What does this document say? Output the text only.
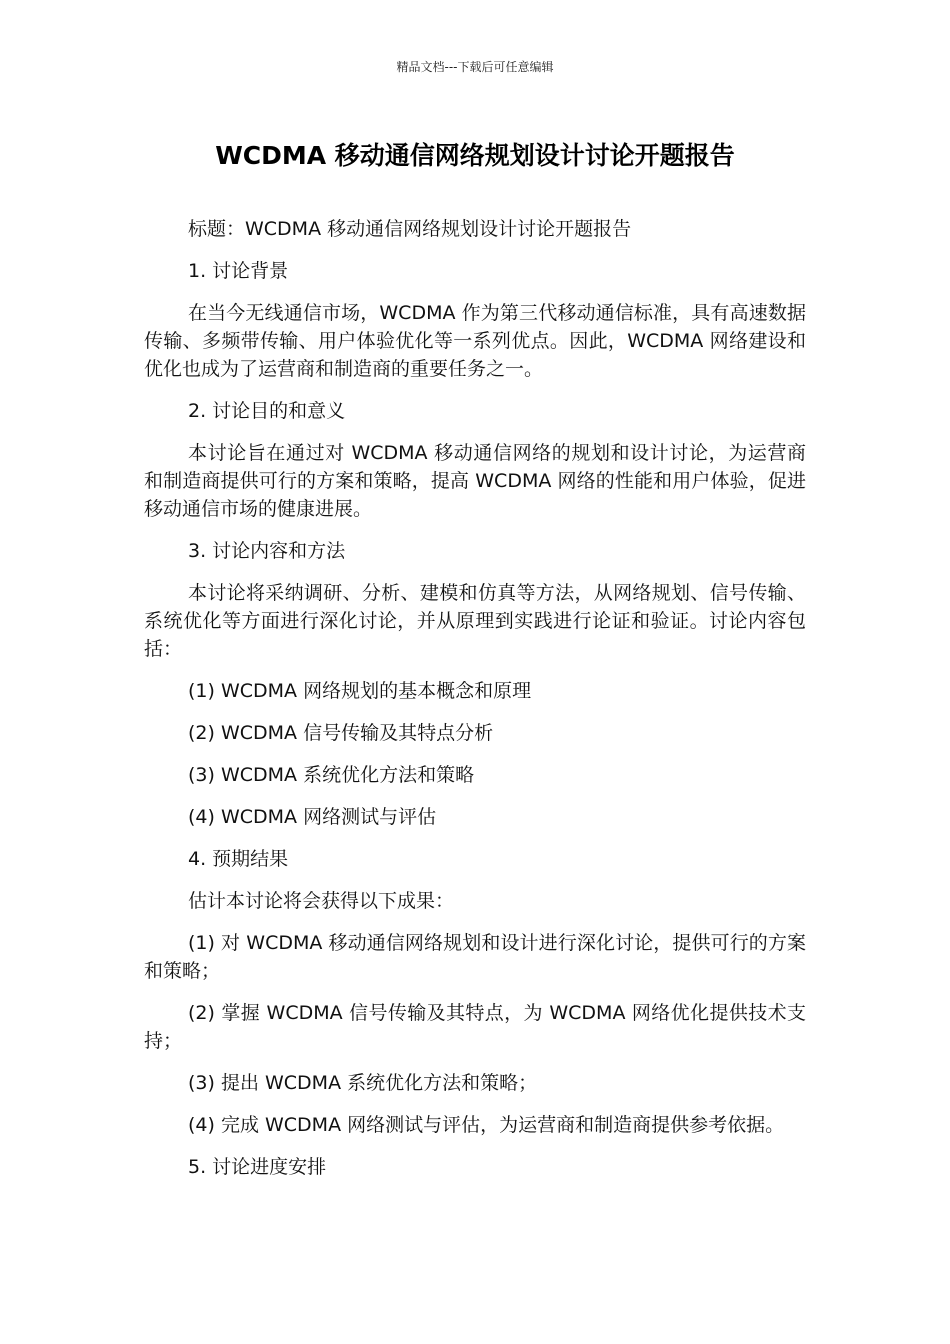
精品文档---下载后可任意编辑
WCDMA 移动通信网络规划设计讨论开题报告

标题：WCDMA 移动通信网络规划设计讨论开题报告

1. 讨论背景

在当今无线通信市场，WCDMA 作为第三代移动通信标准，具有高速数据传输、多频带传输、用户体验优化等一系列优点。因此，WCDMA 网络建设和优化也成为了运营商和制造商的重要任务之一。

2. 讨论目的和意义

本讨论旨在通过对 WCDMA 移动通信网络的规划和设计讨论，为运营商和制造商提供可行的方案和策略，提高 WCDMA 网络的性能和用户体验，促进移动通信市场的健康进展。

3. 讨论内容和方法

本讨论将采纳调研、分析、建模和仿真等方法，从网络规划、信号传输、系统优化等方面进行深化讨论，并从原理到实践进行论证和验证。讨论内容包括：

(1) WCDMA 网络规划的基本概念和原理

(2) WCDMA 信号传输及其特点分析

(3) WCDMA 系统优化方法和策略

(4) WCDMA 网络测试与评估

4. 预期结果

估计本讨论将会获得以下成果：

(1) 对 WCDMA 移动通信网络规划和设计进行深化讨论，提供可行的方案和策略；

(2) 掌握 WCDMA 信号传输及其特点，为 WCDMA 网络优化提供技术支持；

(3) 提出 WCDMA 系统优化方法和策略；

(4) 完成 WCDMA 网络测试与评估，为运营商和制造商提供参考依据。

5. 讨论进度安排
